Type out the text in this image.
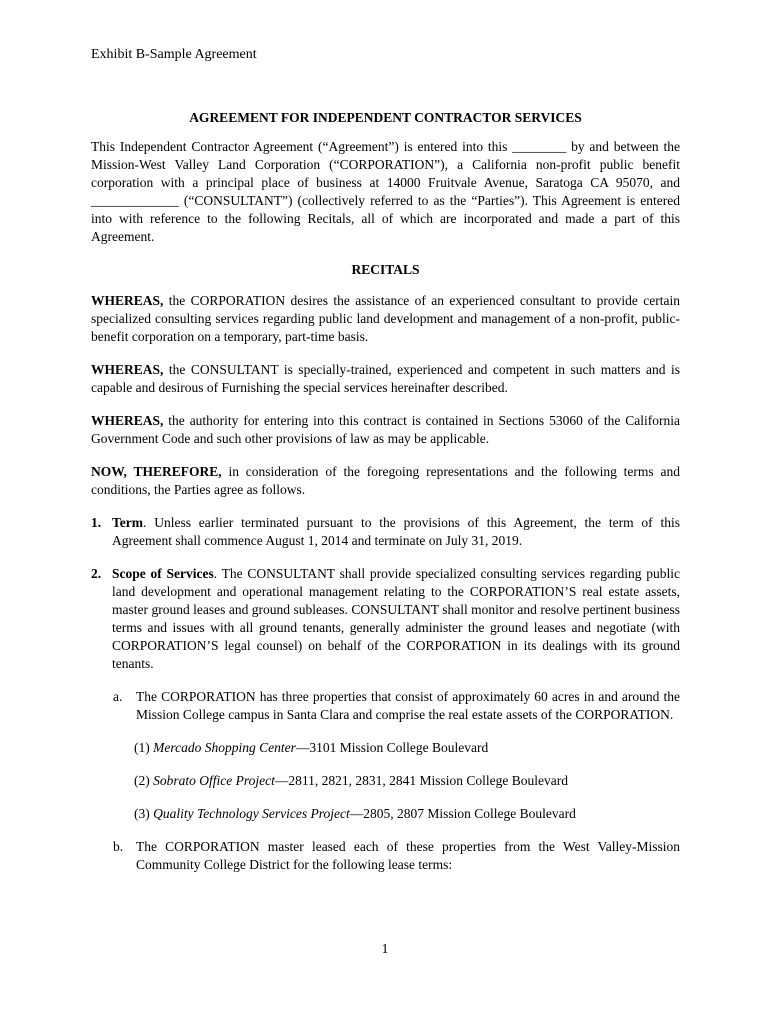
Exhibit B-Sample Agreement
AGREEMENT FOR INDEPENDENT CONTRACTOR SERVICES

This Independent Contractor Agreement (“Agreement”) is entered into this ________ by and between the Mission-West Valley Land Corporation (“CORPORATION”), a California non-profit public benefit corporation with a principal place of business at 14000 Fruitvale Avenue, Saratoga CA 95070, and _____________ (“CONSULTANT”) (collectively referred to as the “Parties”). This Agreement is entered into with reference to the following Recitals, all of which are incorporated and made a part of this Agreement.

RECITALS

WHEREAS, the CORPORATION desires the assistance of an experienced consultant to provide certain specialized consulting services regarding public land development and management of a non-profit, public-benefit corporation on a temporary, part-time basis.

WHEREAS, the CONSULTANT is specially-trained, experienced and competent in such matters and is capable and desirous of Furnishing the special services hereinafter described.

WHEREAS, the authority for entering into this contract is contained in Sections 53060 of the California Government Code and such other provisions of law as may be applicable.

NOW, THEREFORE, in consideration of the foregoing representations and the following terms and conditions, the Parties agree as follows.

1. Term. Unless earlier terminated pursuant to the provisions of this Agreement, the term of this Agreement shall commence August 1, 2014 and terminate on July 31, 2019.
2. Scope of Services. The CONSULTANT shall provide specialized consulting services regarding public land development and operational management relating to the CORPORATION’S real estate assets, master ground leases and ground subleases. CONSULTANT shall monitor and resolve pertinent business terms and issues with all ground tenants, generally administer the ground leases and negotiate (with CORPORATION’S legal counsel) on behalf of the CORPORATION in its dealings with its ground tenants.
a.	The CORPORATION has three properties that consist of approximately 60 acres in and around the Mission College campus in Santa Clara and comprise the real estate assets of the CORPORATION.
(1) Mercado Shopping Center—3101 Mission College Boulevard
(2) Sobrato Office Project—2811, 2821, 2831, 2841 Mission College Boulevard
(3) Quality Technology Services Project—2805, 2807 Mission College Boulevard
b. The CORPORATION master leased each of these properties from the West Valley-Mission Community College District for the following lease terms:
1
